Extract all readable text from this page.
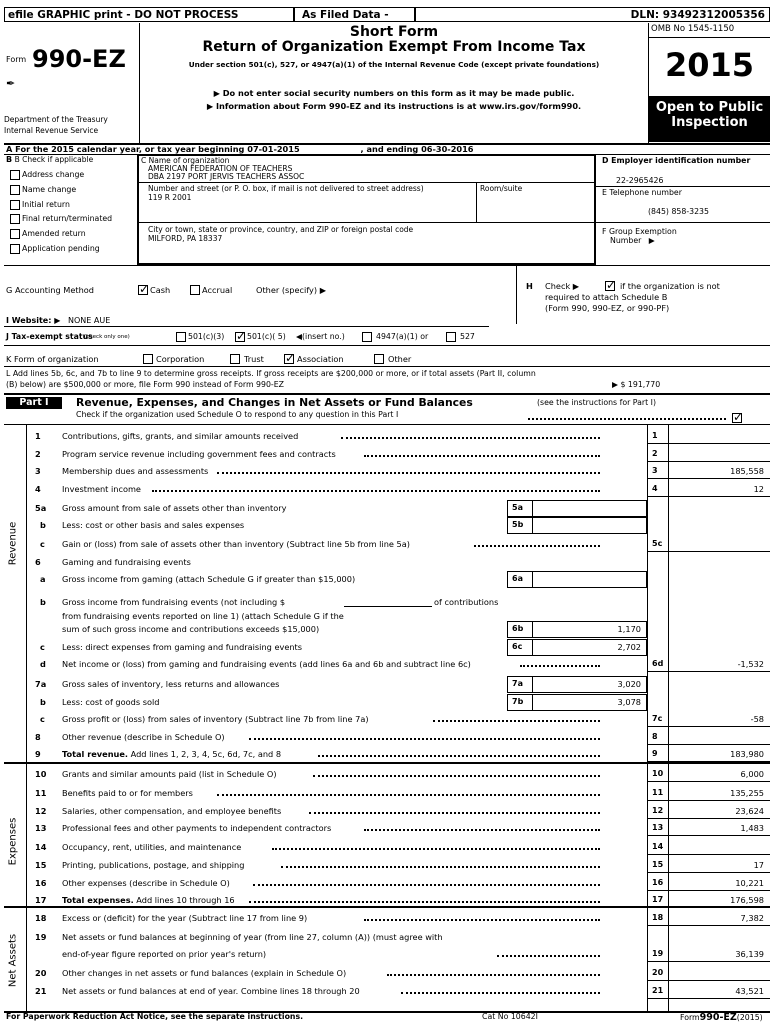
efile GRAPHIC print - DO NOT PROCESS	As Filed Data -	DLN: 93492312005356
Form 990-EZ
✒
Department of the Treasury
Internal Revenue Service
Short Form
Return of Organization Exempt From Income Tax
Under section 501(c), 527, or 4947(a)(1) of the Internal Revenue Code (except private foundations)
▶ Do not enter social security numbers on this form as it may be made public.
▶ Information about Form 990-EZ and its instructions is at www.irs.gov/form990.
OMB No 1545-1150
2015
Open to Public
Inspection
A For the 2015 calendar year, or tax year beginning 07-01-2015	, and ending 06-30-2016
B B Check if applicable
Address change
Name change
Initial return
Final return/terminated
Amended return
Application pending
C Name of organization
AMERICAN FEDERATION OF TEACHERS
DBA 2197 PORT JERVIS TEACHERS ASSOC
Number and street (or P. O. box, if mail is not delivered to street address)	Room/suite
119 R 2001
City or town, state or province, country, and ZIP or foreign postal code
MILFORD, PA 18337
D Employer identification number
22-2965426
E Telephone number
(845) 858-3235
F Group Exemption
Number   ▶
G Accounting Method ✓	Cash	Accrual	Other (specify) ▶	H Check ▶ ✓	if the organization is not
required to attach Schedule B
(Form 990, 990-EZ, or 990-PF)
I Website: ▶ NONE AUE
J Tax-exempt status
(check only one)	501(c)(3) ✓	501(c)( 5) ◀(insert no.)	4947(a)(1) or	527
K Form of organization	Corporation	Trust ✓	Association	Other
L Add lines 5b, 6c, and 7b to line 9 to determine gross receipts. If gross receipts are $200,000 or more, or if total assets (Part II, column
(B) below) are $500,000 or more, file Form 990 instead of Form 990-EZ	▶ $ 191,770
Part I	Revenue, Expenses, and Changes in Net Assets or Fund Balances	(see the instructions for Part I)
Check if the organization used Schedule O to respond to any question in this Part I
✓
Revenue
Expenses
Net Assets
1	Contributions, gifts, grants, and similar amounts received	1
2	Program service revenue including government fees and contracts	2
3	Membership dues and assessments	3	185,558
4	Investment income	4	12
5a Gross amount from sale of assets other than inventory	5a
b Less: cost or other basis and sales expenses	5b
c Gain or (loss) from sale of assets other than inventory (Subtract line 5b from line 5a)	5c
6	Gaming and fundraising events
a Gross income from gaming (attach Schedule G if greater than $15,000)	6a
b Gross income from fundraising events (not including $	of contributions
from fundraising events reported on line 1) (attach Schedule G if the
sum of such gross income and contributions exceeds $15,000)	6b	1,170
c Less: direct expenses from gaming and fundraising events	6c	2,702
d Net income or (loss) from gaming and fundraising events (add lines 6a and 6b and subtract line 6c)	6d	-1,532
7a Gross sales of inventory, less returns and allowances	7a	3,020
b Less: cost of goods sold	7b	3,078
c Gross profit or (loss) from sales of inventory (Subtract line 7b from line 7a)	7c	-58
8	Other revenue (describe in Schedule O)	8
9	Total revenue. Add lines 1, 2, 3, 4, 5c, 6d, 7c, and 8	9	183,980
10 Grants and similar amounts paid (list in Schedule O)	10	6,000
11 Benefits paid to or for members	11	135,255
12 Salaries, other compensation, and employee benefits	12	23,624
13 Professional fees and other payments to independent contractors	13	1,483
14 Occupancy, rent, utilities, and maintenance	14
15 Printing, publications, postage, and shipping	15	17
16 Other expenses (describe in Schedule O)	16	10,221
17 Total expenses. Add lines 10 through 16	17	176,598
18 Excess or (deficit) for the year (Subtract line 17 from line 9)	18	7,382
19 Net assets or fund balances at beginning of year (from line 27, column (A)) (must agree with
end-of-year figure reported on prior year's return)	19	36,139
20 Other changes in net assets or fund balances (explain in Schedule O)	20
21 Net assets or fund balances at end of year. Combine lines 18 through 20	21	43,521
For Paperwork Reduction Act Notice, see the separate instructions.	Cat No 10642I	Form990-EZ(2015)
